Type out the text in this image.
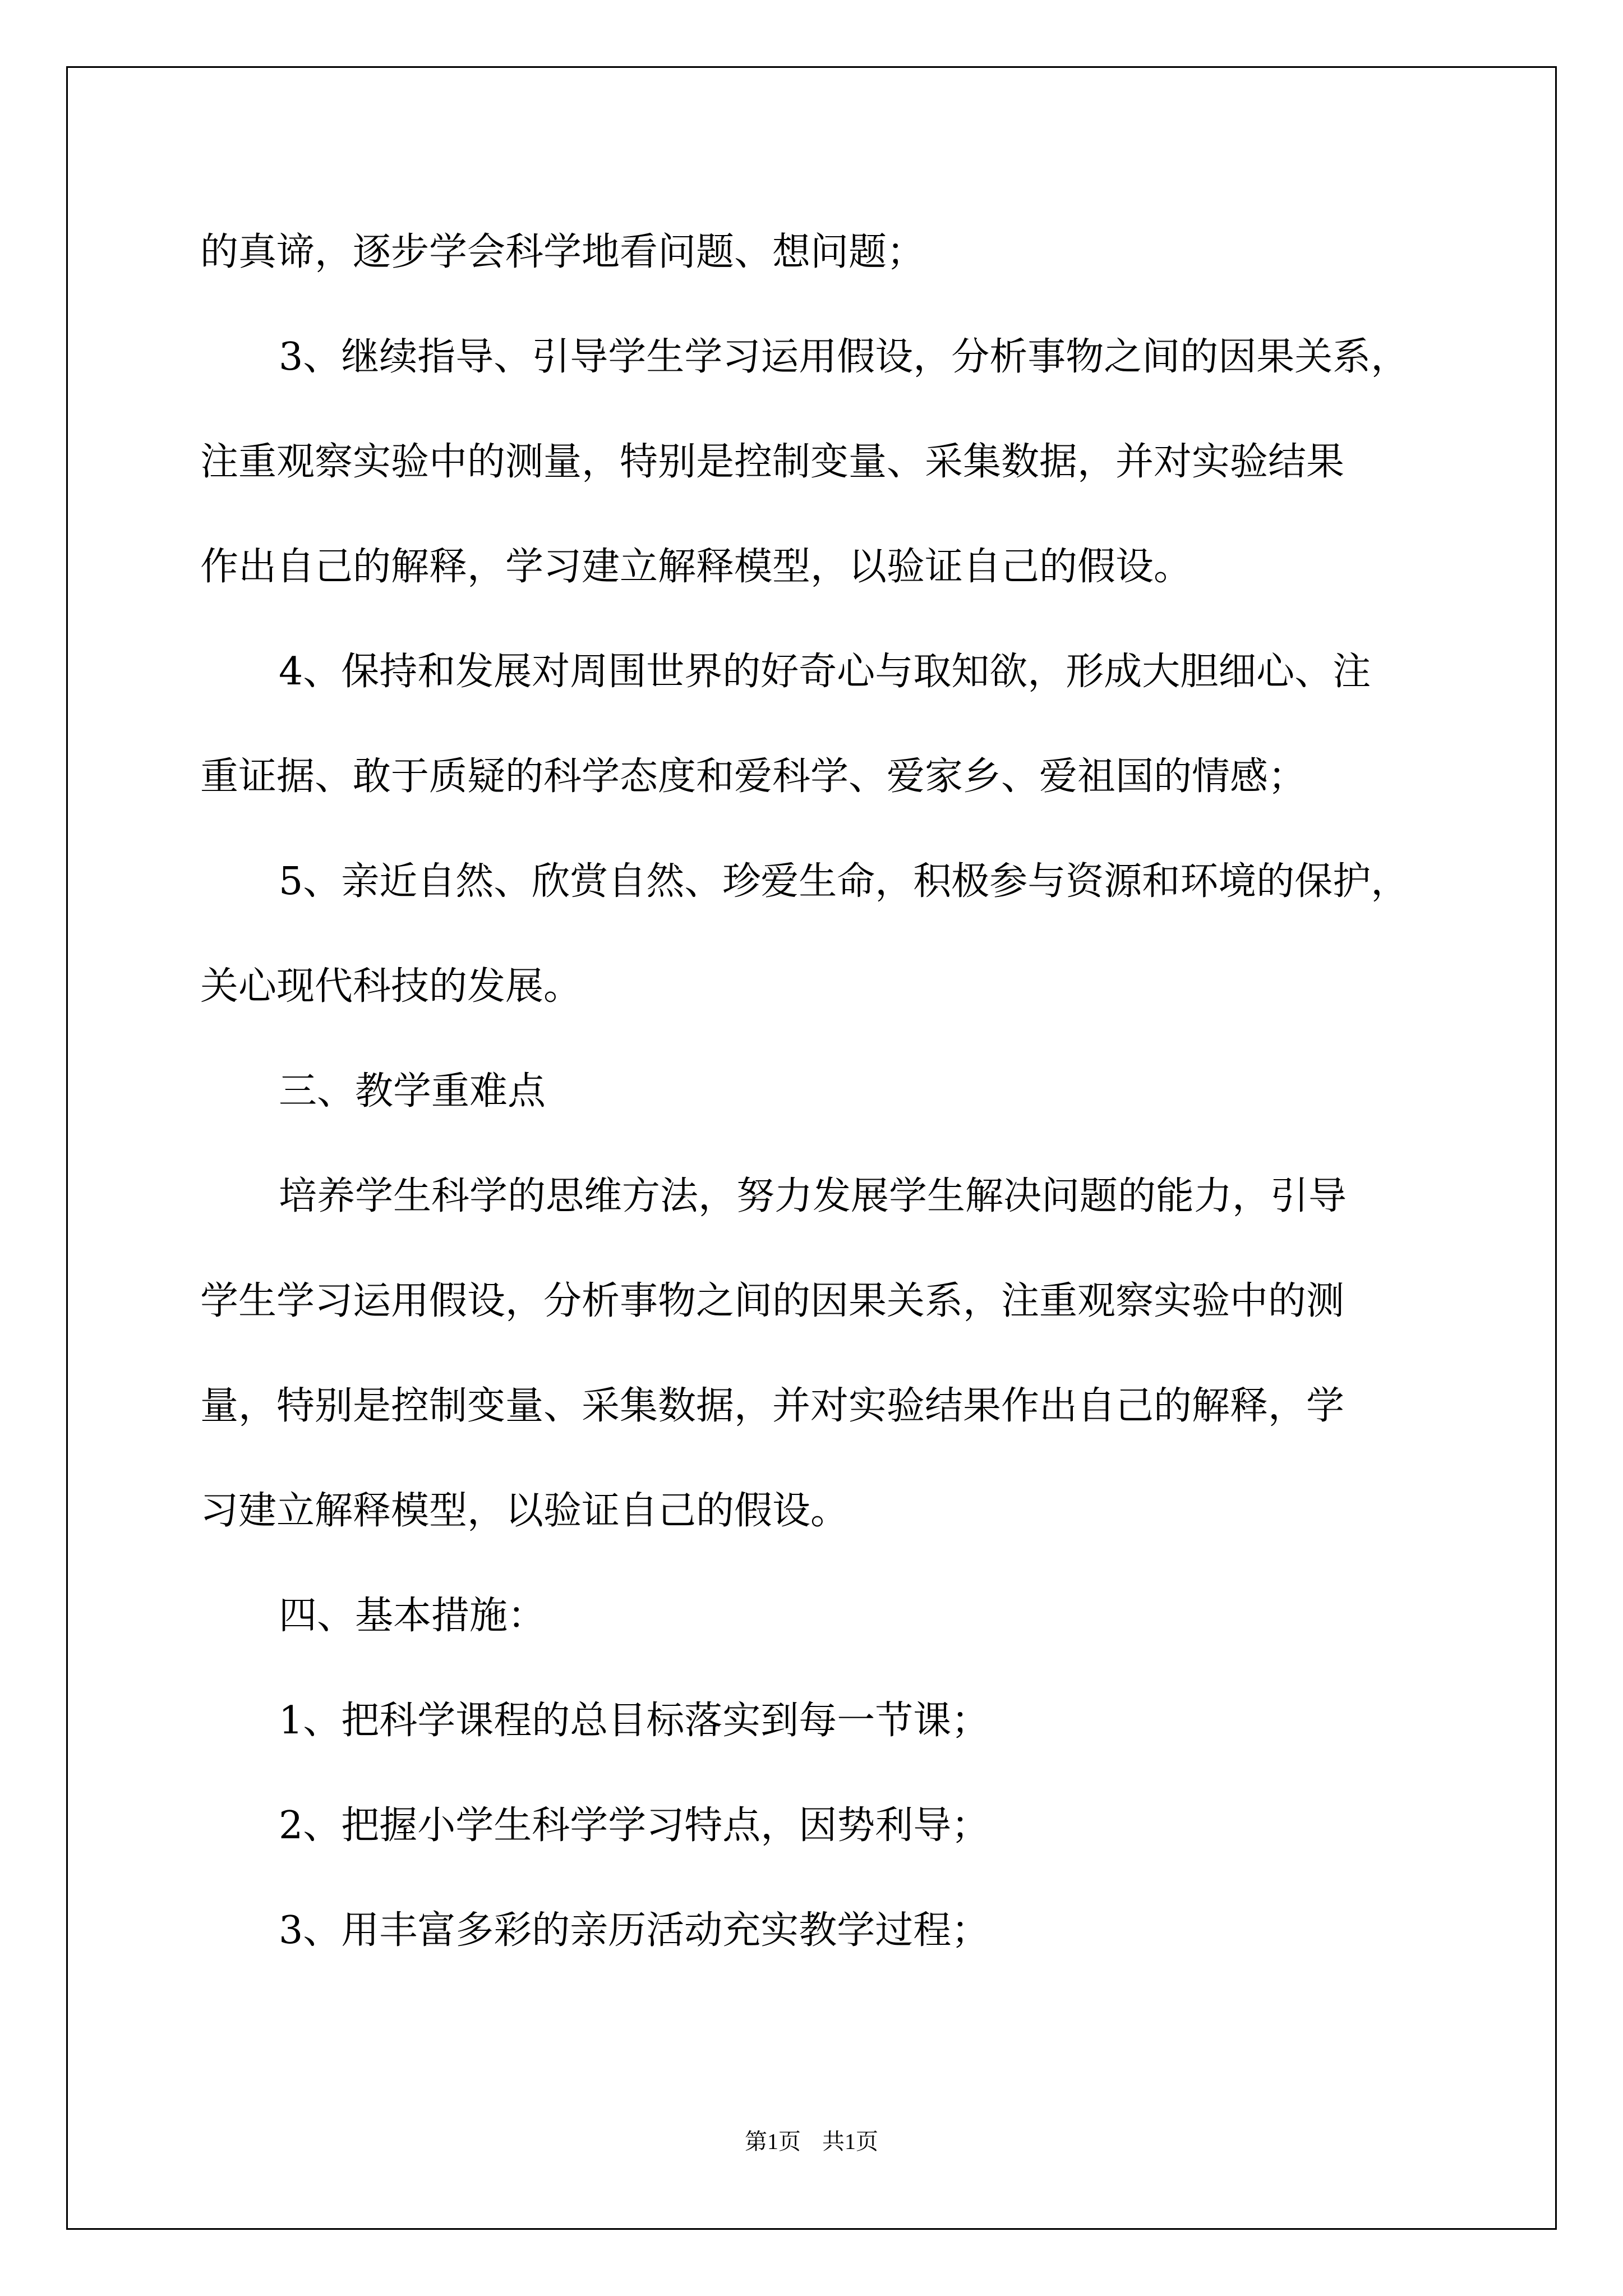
的真谛，逐步学会科学地看问题、想问题；
3、继续指导、引导学生学习运用假设，分析事物之间的因果关系，
注重观察实验中的测量，特别是控制变量、采集数据，并对实验结果
作出自己的解释，学习建立解释模型，以验证自己的假设。
4、保持和发展对周围世界的好奇心与取知欲，形成大胆细心、注
重证据、敢于质疑的科学态度和爱科学、爱家乡、爱祖国的情感；
5、亲近自然、欣赏自然、珍爱生命，积极参与资源和环境的保护，
关心现代科技的发展。
三、教学重难点
培养学生科学的思维方法，努力发展学生解决问题的能力，引导
学生学习运用假设，分析事物之间的因果关系，注重观察实验中的测
量，特别是控制变量、采集数据，并对实验结果作出自己的解释，学
习建立解释模型，以验证自己的假设。
四、基本措施：
1、把科学课程的总目标落实到每一节课；
2、把握小学生科学学习特点，因势利导；
3、用丰富多彩的亲历活动充实教学过程；
第1页 共1页
